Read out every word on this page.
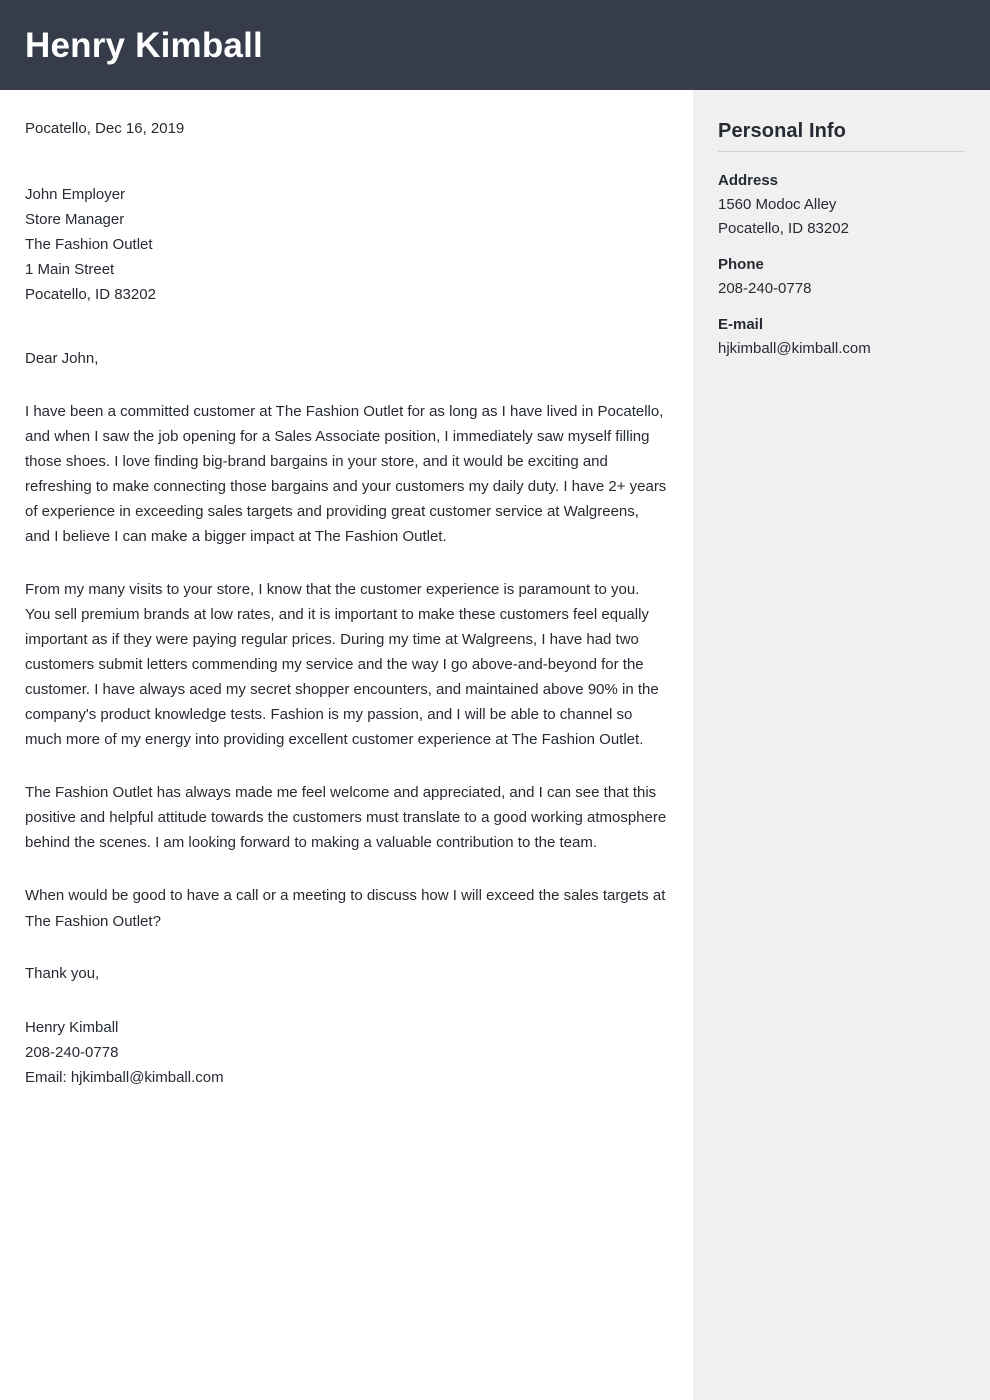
Henry Kimball
Pocatello, Dec 16, 2019
John Employer
Store Manager
The Fashion Outlet
1 Main Street
Pocatello, ID 83202
Dear John,

I have been a committed customer at The Fashion Outlet for as long as I have lived in Pocatello, and when I saw the job opening for a Sales Associate position, I immediately saw myself filling those shoes. I love finding big-brand bargains in your store, and it would be exciting and refreshing to make connecting those bargains and your customers my daily duty. I have 2+ years of experience in exceeding sales targets and providing great customer service at Walgreens, and I believe I can make a bigger impact at The Fashion Outlet.

From my many visits to your store, I know that the customer experience is paramount to you. You sell premium brands at low rates, and it is important to make these customers feel equally important as if they were paying regular prices. During my time at Walgreens, I have had two customers submit letters commending my service and the way I go above-and-beyond for the customer. I have always aced my secret shopper encounters, and maintained above 90% in the company's product knowledge tests. Fashion is my passion, and I will be able to channel so much more of my energy into providing excellent customer experience at The Fashion Outlet.

The Fashion Outlet has always made me feel welcome and appreciated, and I can see that this positive and helpful attitude towards the customers must translate to a good working atmosphere behind the scenes. I am looking forward to making a valuable contribution to the team.

When would be good to have a call or a meeting to discuss how I will exceed the sales targets at The Fashion Outlet?

Thank you,
Henry Kimball
208-240-0778
Email: hjkimball@kimball.com
Personal Info
Address
1560 Modoc Alley
Pocatello, ID 83202
Phone
208-240-0778
E-mail
hjkimball@kimball.com
